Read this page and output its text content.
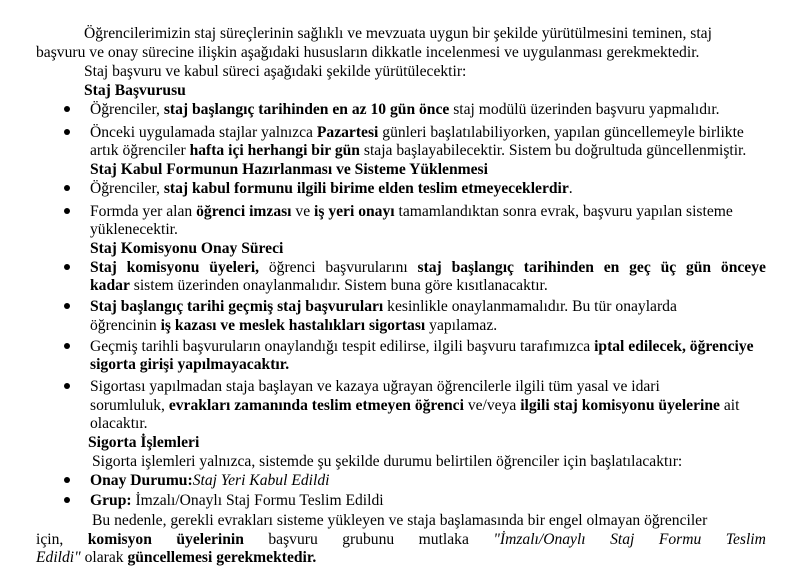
Öğrencilerimizin staj süreçlerinin sağlıklı ve mevzuata uygun bir şekilde yürütülmesini teminen, staj
başvuru ve onay sürecine ilişkin aşağıdaki hususların dikkatle incelenmesi ve uygulanması gerekmektedir.
Staj başvuru ve kabul süreci aşağıdaki şekilde yürütülecektir:
Staj Başvurusu
Öğrenciler, staj başlangıç tarihinden en az 10 gün önce staj modülü üzerinden başvuru yapmalıdır.
Önceki uygulamada stajlar yalnızca Pazartesi günleri başlatılabiliyorken, yapılan güncellemeyle birlikte
artık öğrenciler hafta içi herhangi bir gün staja başlayabilecektir. Sistem bu doğrultuda güncellenmiştir.
Staj Kabul Formunun Hazırlanması ve Sisteme Yüklenmesi
Öğrenciler, staj kabul formunu ilgili birime elden teslim etmeyeceklerdir.
Formda yer alan öğrenci imzası ve iş yeri onayı tamamlandıktan sonra evrak, başvuru yapılan sisteme
yüklenecektir.
Staj Komisyonu Onay Süreci
Staj komisyonu üyeleri, öğrenci başvurularını staj başlangıç tarihinden en geç üç gün önceye
kadar sistem üzerinden onaylanmalıdır. Sistem buna göre kısıtlanacaktır.
Staj başlangıç tarihi geçmiş staj başvuruları kesinlikle onaylanmamalıdır. Bu tür onaylarda
öğrencinin iş kazası ve meslek hastalıkları sigortası yapılamaz.
Geçmiş tarihli başvuruların onaylandığı tespit edilirse, ilgili başvuru tarafımızca iptal edilecek, öğrenciye
sigorta girişi yapılmayacaktır.
Sigortası yapılmadan staja başlayan ve kazaya uğrayan öğrencilerle ilgili tüm yasal ve idari
sorumluluk, evrakları zamanında teslim etmeyen öğrenci ve/veya ilgili staj komisyonu üyelerine ait
olacaktır.
Sigorta İşlemleri
Sigorta işlemleri yalnızca, sistemde şu şekilde durumu belirtilen öğrenciler için başlatılacaktır:
Onay Durumu:Staj Yeri Kabul Edildi
Grup: İmzalı/Onaylı Staj Formu Teslim Edildi
Bu nedenle, gerekli evrakları sisteme yükleyen ve staja başlamasında bir engel olmayan öğrenciler
için, komisyon üyelerinin başvuru grubunu mutlaka "İmzalı/Onaylı Staj Formu Teslim
Edildi" olarak güncellemesi gerekmektedir.
